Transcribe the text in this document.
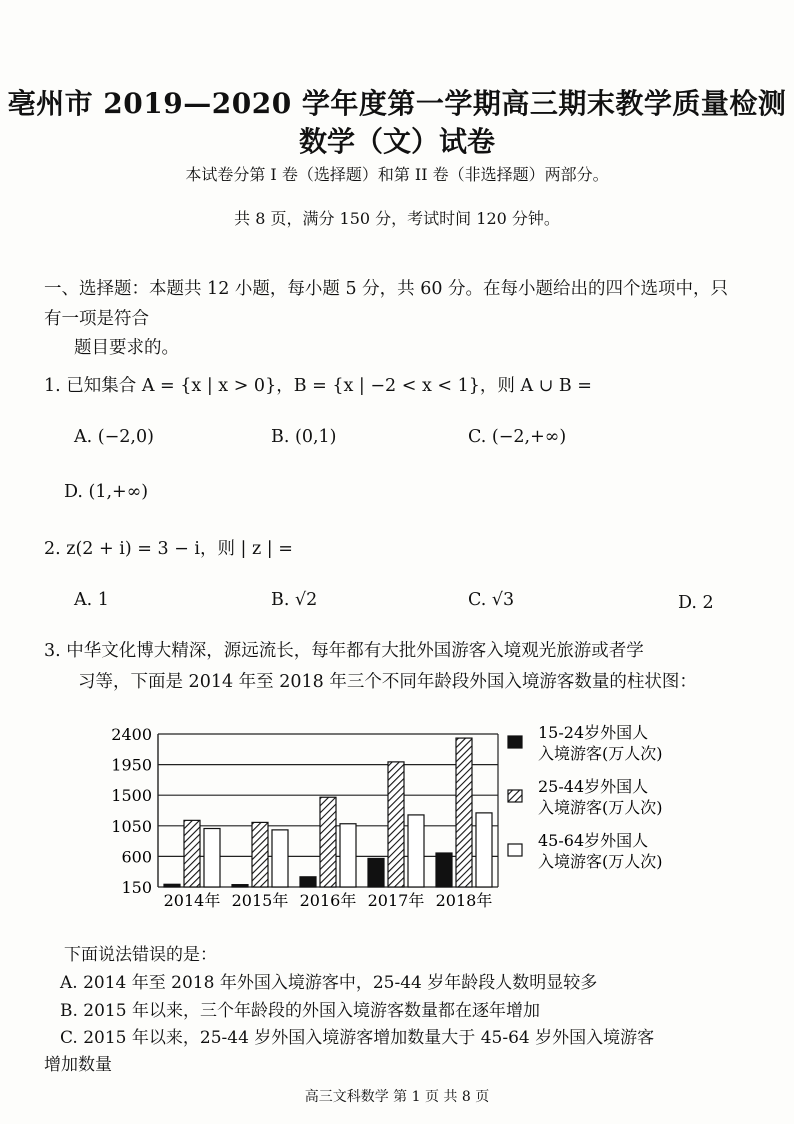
亳州市 2019—2020 学年度第一学期高三期末教学质量检测
数学（文）试卷
本试卷分第 I 卷（选择题）和第 II 卷（非选择题）两部分。
共 8 页，满分 150 分，考试时间 120 分钟。
一、选择题：本题共 12 小题，每小题 5 分，共 60 分。在每小题给出的四个选项中，只有一项是符合
题目要求的。
1. 已知集合 A = {x | x > 0}，B = {x | −2 < x < 1}，则 A ∪ B =
A. (−2,0)	B. (0,1)	C. (−2,+∞)
D. (1,+∞)
2. z(2 + i) = 3 − i，则 | z | =
A. 1	B. √2	C. √3	D. 2
3. 中华文化博大精深，源远流长，每年都有大批外国游客入境观光旅游或者学
习等，下面是 2014 年至 2018 年三个不同年龄段外国入境游客数量的柱状图：
150
600
1050
1500
1950
2400
2014年 2015年 2016年 2017年 2018年
15-24岁外国人
入境游客(万人次)
25-44岁外国人
入境游客(万人次)
45-64岁外国人
入境游客(万人次)
下面说法错误的是：
A. 2014 年至 2018 年外国入境游客中，25-44 岁年龄段人数明显较多
B. 2015 年以来，三个年龄段的外国入境游客数量都在逐年增加
C. 2015 年以来，25-44 岁外国入境游客增加数量大于 45-64 岁外国入境游客
增加数量
高三文科数学 第 1 页 共 8 页
